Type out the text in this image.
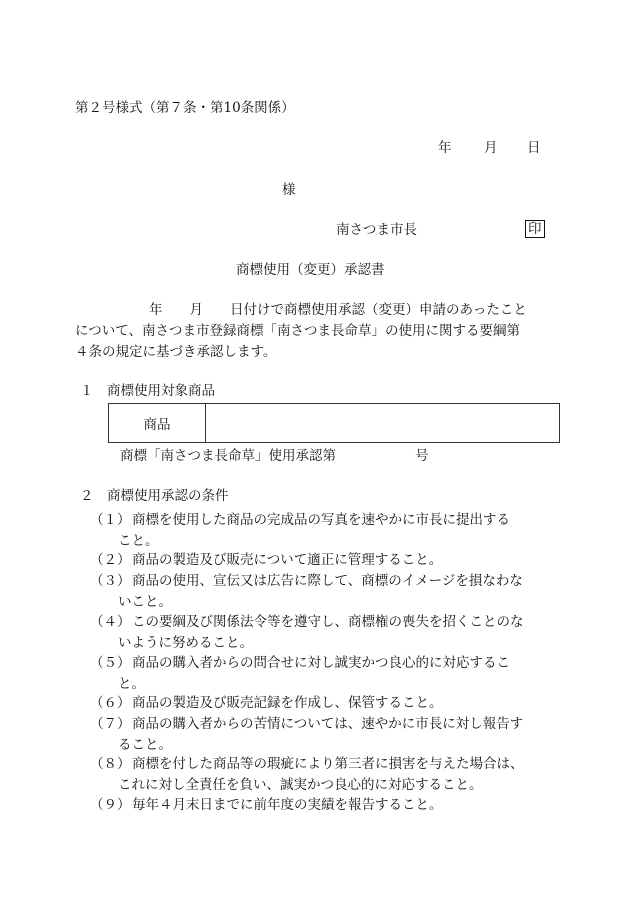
第２号様式（第７条・第10条関係）
年 月 日
様
南さつま市長	印
商標使用（変更）承認書
年　　月　　日付けで商標使用承認（変更）申請のあったこと
について、南さつま市登録商標「南さつま長命草」の使用に関する要綱第
４条の規定に基づき承認します。
１　商標使用対象商品
商品
商標「南さつま長命草」使用承認第	号
２　商標使用承認の条件
（１） 商標を使用した商品の完成品の写真を速やかに市長に提出する
こと。
（２） 商品の製造及び販売について適正に管理すること。
（３） 商品の使用、宣伝又は広告に際して、商標のイメージを損なわな
いこと。
（４） この要綱及び関係法令等を遵守し、商標権の喪失を招くことのな
いように努めること。
（５） 商品の購入者からの問合せに対し誠実かつ良心的に対応するこ
と。
（６） 商品の製造及び販売記録を作成し、保管すること。
（７） 商品の購入者からの苦情については、速やかに市長に対し報告す
ること。
（８） 商標を付した商品等の瑕疵により第三者に損害を与えた場合は、
これに対し全責任を負い、誠実かつ良心的に対応すること。
（９） 毎年４月末日までに前年度の実績を報告すること。
